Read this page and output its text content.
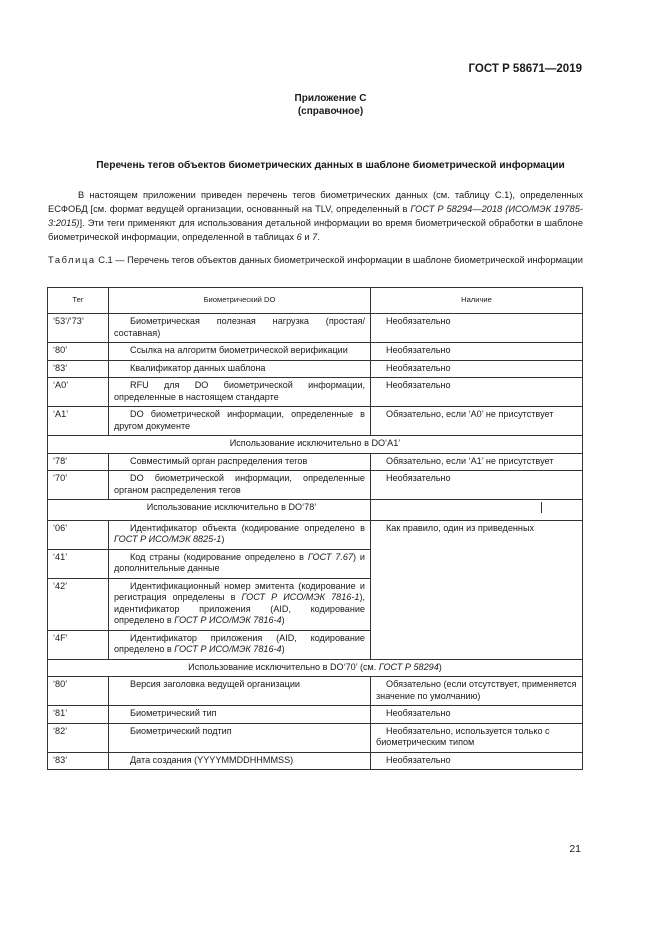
ГОСТ Р 58671—2019
Приложение С
(справочное)
Перечень тегов объектов биометрических данных в шаблоне биометрической информации
В настоящем приложении приведен перечень тегов биометрических данных (см. таблицу С.1), определенных ЕСФОБД [см. формат ведущей организации, основанный на TLV, определенный в ГОСТ Р 58294—2018 (ИСО/МЭК 19785-3:2015)]. Эти теги применяют для использования детальной информации во время биометрической обработки в шаблоне биометрической информации, определенной в таблицах 6 и 7.
Таблица С.1 — Перечень тегов объектов данных биометрической информации в шаблоне биометрической информации
Тег	Биометрический DO	Наличие
‘53’/‘73’	Биометрическая полезная нагрузка (простая/составная)	Необязательно
‘80’	Ссылка на алгоритм биометрической верификации	Необязательно
‘83’	Квалификатор данных шаблона	Необязательно
‘A0’	RFU для DO биометрической информации, определенные в настоящем стандарте	Необязательно
‘A1’	DO биометрической информации, определенные в другом документе	Обязательно, если ‘A0’ не присутствует
Использование исключительно в DO‘A1’		
‘78’	Совместимый орган распределения тегов	Обязательно, если ‘A1’ не присутствует
‘70’	DO биометрической информации, определенные органом распределения тегов	Необязательно
Использование исключительно в DO‘78’		
‘06’	Идентификатор объекта (кодирование определено в ГОСТ Р ИСО/МЭК 8825-1)	Как правило, один из приведенных
‘41’	Код страны (кодирование определено в ГОСТ 7.67) и дополнительные данные	

‘42’	Идентификационный номер эмитента (кодирование и регистрация определены в ГОСТ Р ИСО/МЭК 7816-1), идентификатор приложения (AID, кодирование определено в ГОСТ Р ИСО/МЭК 7816-4)	

‘4F’	Идентификатор приложения (AID, кодирование определено в ГОСТ Р ИСО/МЭК 7816-4)	

Использование исключительно в DO‘70’ (см. ГОСТ Р 58294)		
‘80’	Версия заголовка ведущей организации	Обязательно (если отсутствует, применяется значение по умолчанию)
‘81’	Биометрический тип	Необязательно
‘82’	Биометрический подтип	Необязательно, используется только с биометрическим типом
‘83’	Дата создания (YYYYMMDDHHMMSS)	Необязательно
21
